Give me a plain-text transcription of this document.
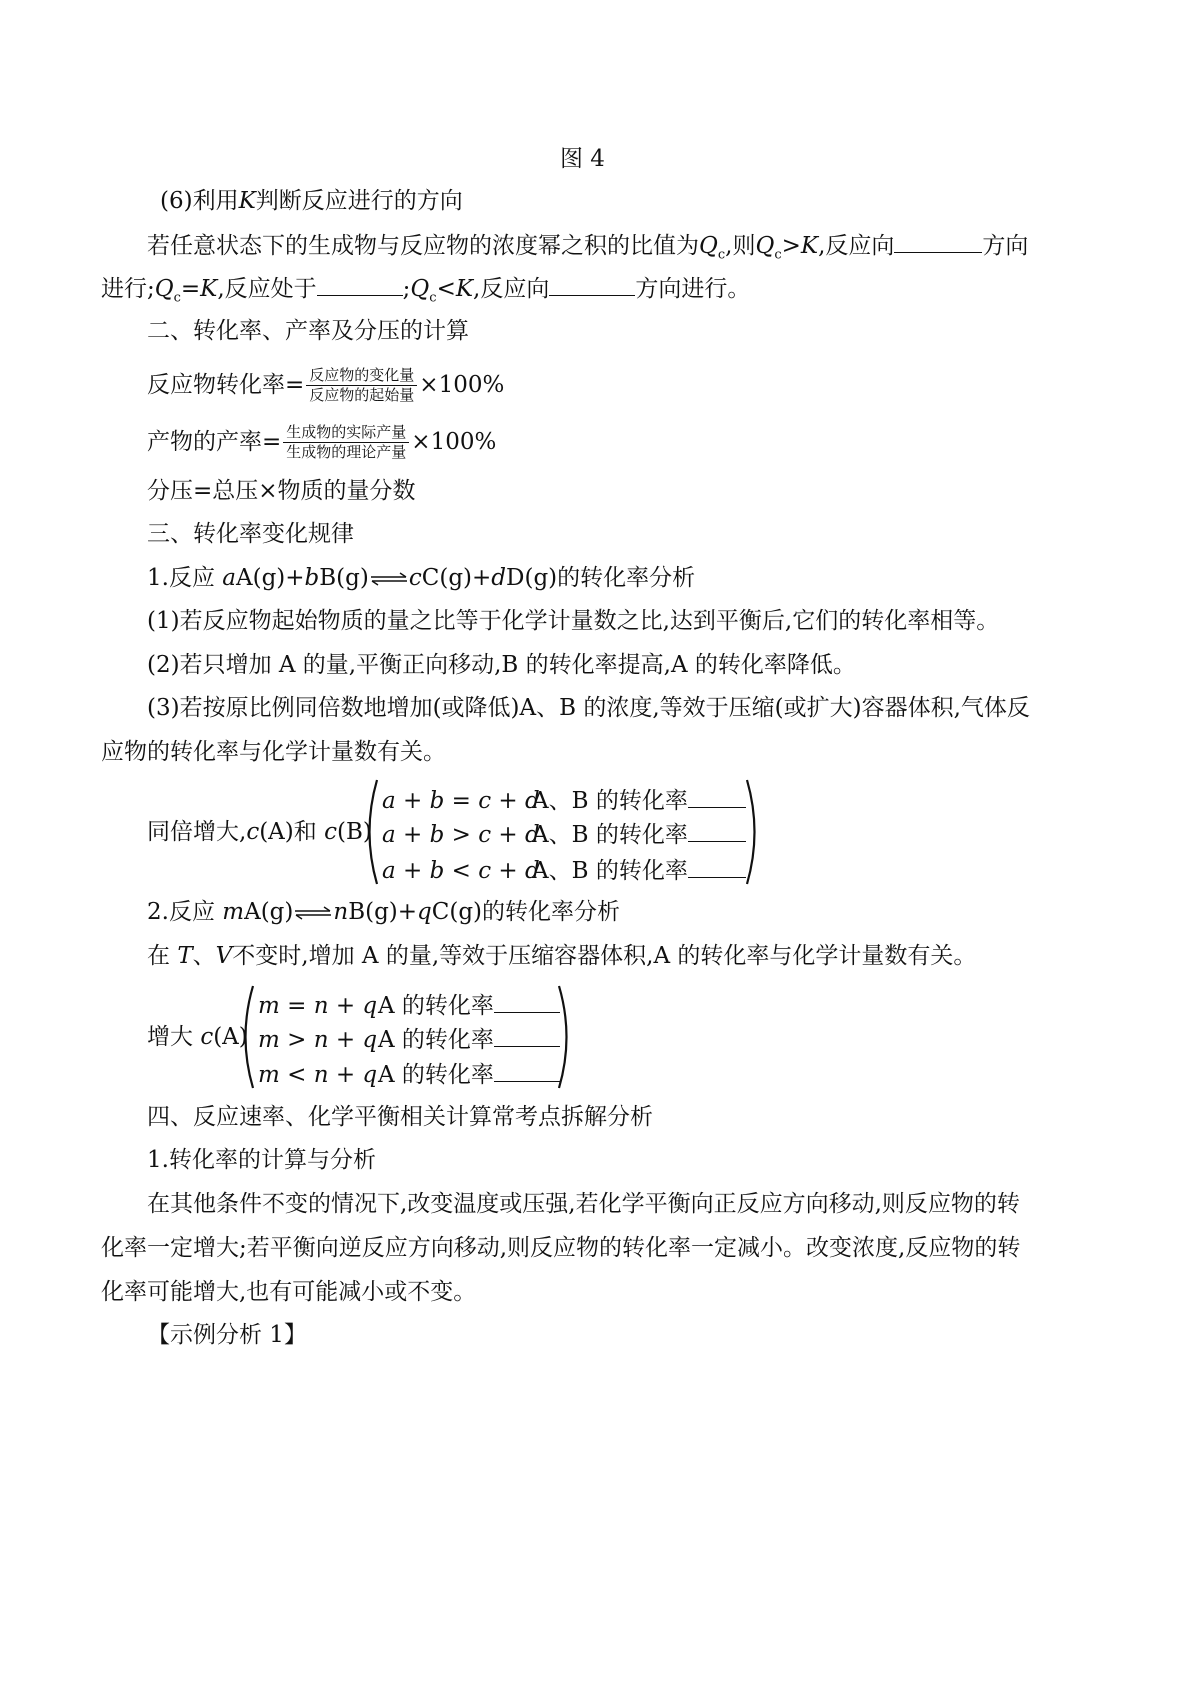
图 4
(6)利用K判断反应进行的方向
若任意状态下的生成物与反应物的浓度幂之积的比值为$Q_c$,则$Q_c>K$,反应向	方向
进行$;Q_c=K$,反应处于	$;Q_c<K$,反应向	方向进行。
二、转化率、产率及分压的计算
反应物转化率= $\frac{\text{反应物的变化量}}{\text{反应物的起始量}} \times 100\%$
产物的产率= $\frac{\text{生成物的实际产量}}{\text{生成物的理论产量}} \times 100\%$
分压=总压×物质的量分数
三、转化率变化规律
1.反应 aA(g)+bB(g)⇌cC(g)+dD(g)的转化率分析
(1)若反应物起始物质的量之比等于化学计量数之比,达到平衡后,它们的转化率相等。
(2)若只增加 A 的量,平衡正向移动,B 的转化率提高,A 的转化率降低。
(3)若按原比例同倍数地增加(或降低)A、B 的浓度,等效于压缩(或扩大)容器体积,气体反
应物的转化率与化学计量数有关。
同倍增大,c(A)和 c(B)
a + b = c + dA、B 的转化率
a + b > c + dA、B 的转化率
a + b < c + dA、B 的转化率
2.反应 mA(g)⇌nB(g)+qC(g)的转化率分析
在 T、V不变时,增加 A 的量,等效于压缩容器体积,A 的转化率与化学计量数有关。
增大 c(A)
m = n + qA 的转化率
m > n + qA 的转化率
m < n + qA 的转化率
四、反应速率、化学平衡相关计算常考点拆解分析
1.转化率的计算与分析
在其他条件不变的情况下,改变温度或压强,若化学平衡向正反应方向移动,则反应物的转
化率一定增大;若平衡向逆反应方向移动,则反应物的转化率一定减小。改变浓度,反应物的转
化率可能增大,也有可能减小或不变。
【示例分析 1】
